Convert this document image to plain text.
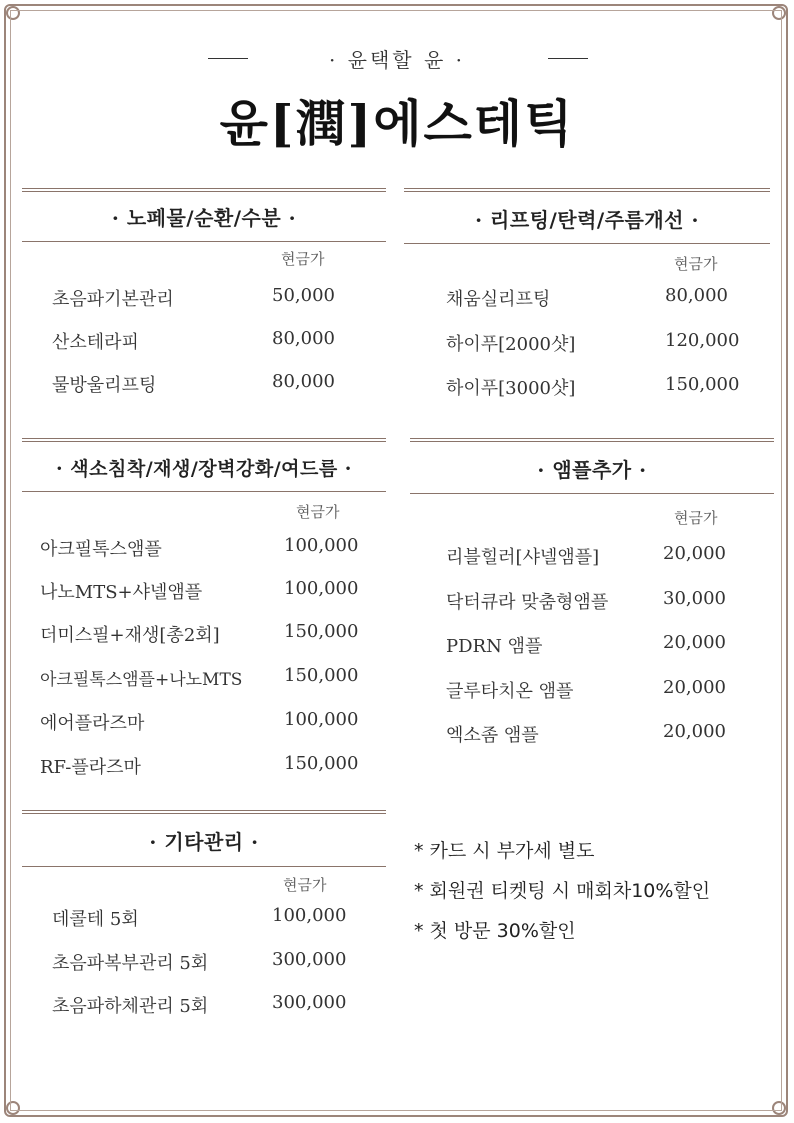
· 윤택할 윤 ·
윤[潤]에스테틱
· 노페물/순환/수분 ·
현금가
초음파기본관리	50,000
산소테라피	80,000
물방울리프팅	80,000
· 리프팅/탄력/주름개선 ·
현금가
채움실리프팅	80,000
하이푸[2000샷]	120,000
하이푸[3000샷]	150,000
· 색소침착/재생/장벽강화/여드름 ·
현금가
아크필톡스앰플	100,000
나노MTS+샤넬앰플	100,000
더미스필+재생[총2회]	150,000
아크필톡스앰플+나노MTS 150,000
에어플라즈마	100,000
RF-플라즈마	150,000
· 앰플추가 ·
현금가
리블힐러[샤넬앰플]	20,000
닥터큐라 맞춤형앰플	30,000
PDRN 앰플	20,000
글루타치온 앰플	20,000
엑소좀 앰플	20,000
· 기타관리 ·
현금가
데콜테 5회	100,000
초음파복부관리 5회	300,000
초음파하체관리 5회	300,000
* 카드 시 부가세 별도
* 회원권 티켓팅 시 매회차10%할인
* 첫 방문 30%할인
